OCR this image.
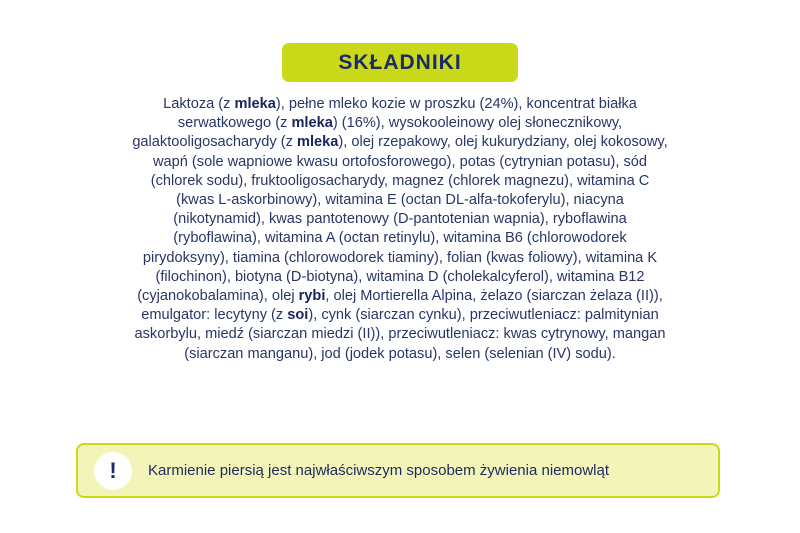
SKŁADNIKI
Laktoza (z mleka), pełne mleko kozie w proszku (24%), koncentrat białka
serwatkowego (z mleka) (16%), wysokooleinowy olej słonecznikowy,
galaktooligosacharydy (z mleka), olej rzepakowy, olej kukurydziany, olej kokosowy,
wapń (sole wapniowe kwasu ortofosforowego), potas (cytrynian potasu), sód
(chlorek sodu), fruktooligosacharydy, magnez (chlorek magnezu), witamina C
(kwas L-askorbinowy), witamina E (octan DL-alfa-tokoferylu), niacyna
(nikotynamid), kwas pantotenowy (D-pantotenian wapnia), ryboflawina
(ryboflawina), witamina A (octan retinylu), witamina B6 (chlorowodorek
pirydoksyny), tiamina (chlorowodorek tiaminy), folian (kwas foliowy), witamina K
(filochinon), biotyna (D-biotyna), witamina D (cholekalcyferol), witamina B12
(cyjanokobalamina), olej rybi, olej Mortierella Alpina, żelazo (siarczan żelaza (II)),
emulgator: lecytyny (z soi), cynk (siarczan cynku), przeciwutleniacz: palmitynian
askorbylu, miedź (siarczan miedzi (II)), przeciwutleniacz: kwas cytrynowy, mangan
(siarczan manganu), jod (jodek potasu), selen (selenian (IV) sodu).
! Karmienie piersią jest najwłaściwszym sposobem żywienia niemowląt
